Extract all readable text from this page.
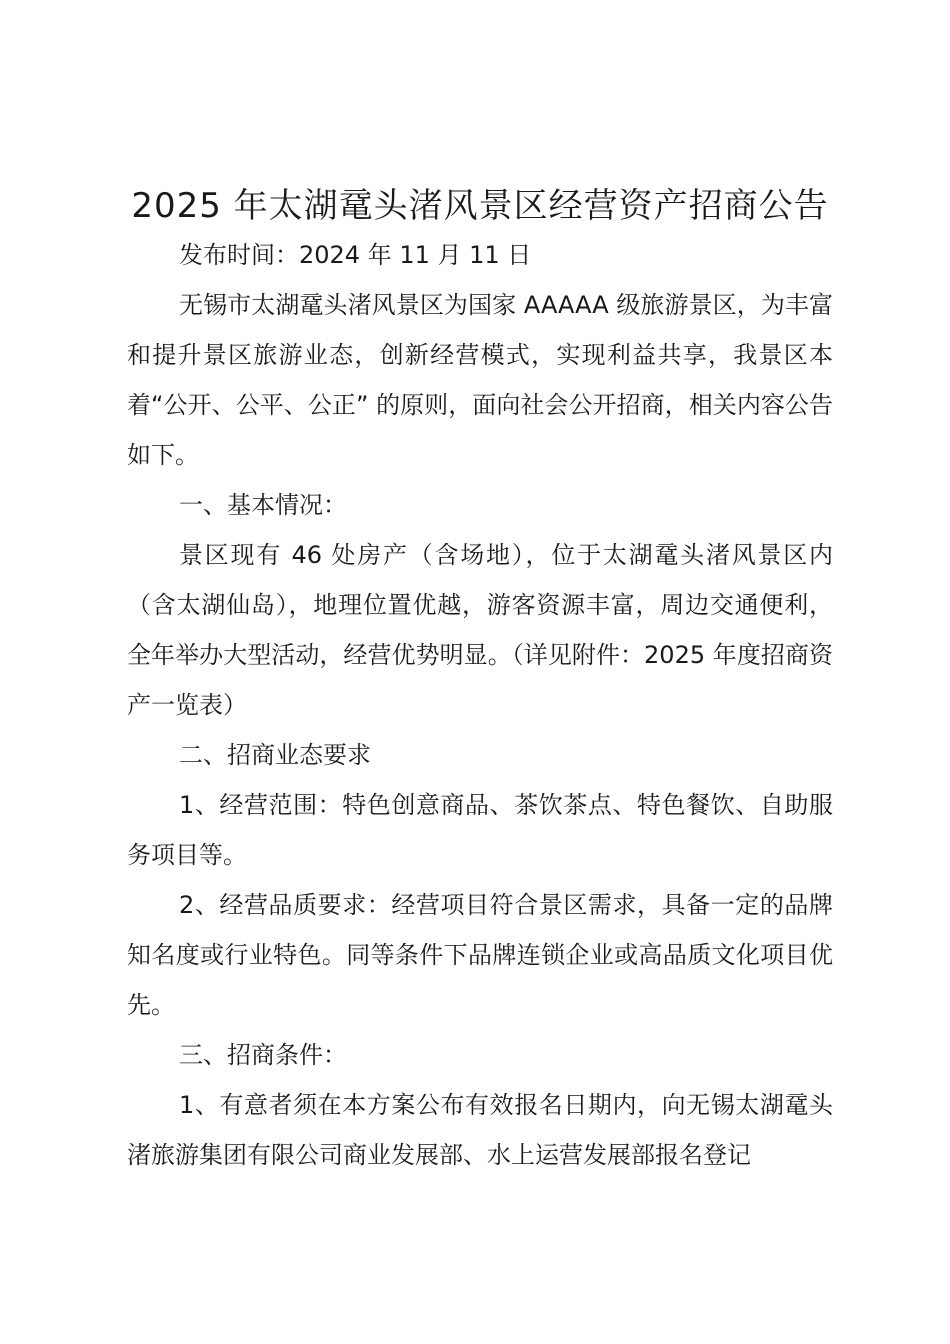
2025 年太湖鼋头渚风景区经营资产招商公告

发布时间：2024 年 11 月 11 日

无锡市太湖鼋头渚风景区为国家 AAAAA 级旅游景区，为丰富和提升景区旅游业态，创新经营模式，实现利益共享，我景区本着“公开、公平、公正” 的原则，面向社会公开招商，相关内容公告如下。

一、基本情况：

景区现有 46 处房产（含场地），位于太湖鼋头渚风景区内（含太湖仙岛），地理位置优越，游客资源丰富，周边交通便利，全年举办大型活动，经营优势明显。（详见附件：2025 年度招商资产一览表）

二、招商业态要求

1、经营范围：特色创意商品、茶饮茶点、特色餐饮、自助服务项目等。

2、经营品质要求：经营项目符合景区需求，具备一定的品牌知名度或行业特色。同等条件下品牌连锁企业或高品质文化项目优先。

三、招商条件：

1、有意者须在本方案公布有效报名日期内，向无锡太湖鼋头渚旅游集团有限公司商业发展部、水上运营发展部报名登记
